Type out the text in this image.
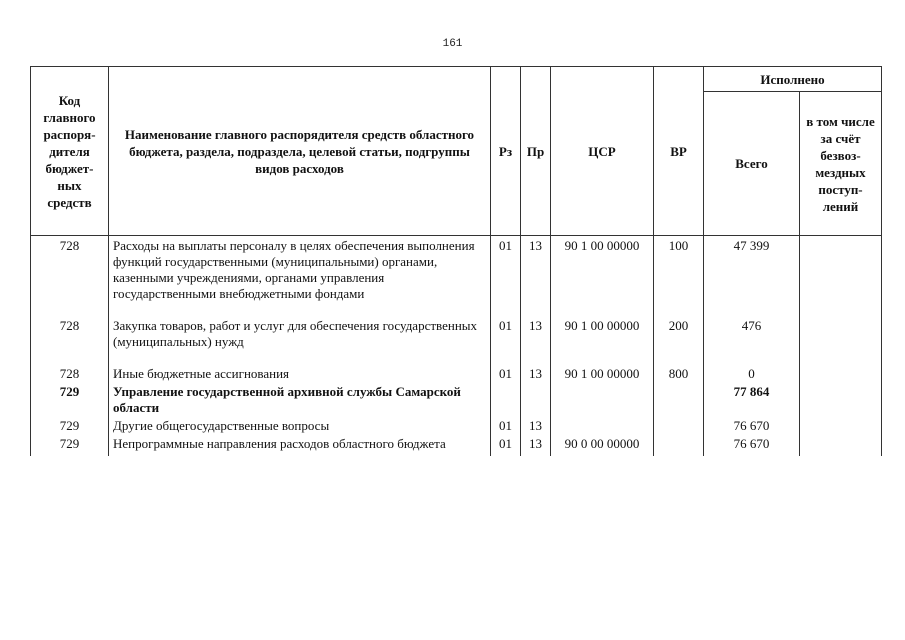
161
Код главного распоря-дителя бюджет-ных средств	Наименование главного распорядителя средств областного бюджета, раздела, подраздела, целевой статьи, подгруппы видов расходов	Рз	Пр	ЦСР	ВР	Исполнено	
						Всего	в том числе за счёт безвоз-мездных поступ-лений
728	Расходы на выплаты персоналу в целях обеспечения выполнения функций государственными (муниципальными) органами, казенными учреждениями, органами управления государственными внебюджетными фондами	01	13	90 1 00 00000	100	47 399	
728	Закупка товаров, работ и услуг для обеспечения государственных (муниципальных) нужд	01	13	90 1 00 00000	200	476	
728	Иные бюджетные ассигнования	01	13	90 1 00 00000	800	0	
729	Управление государственной архивной службы Самарской области					77 864	
729	Другие общегосударственные вопросы	01	13			76 670	
729	Непрограммные направления расходов областного бюджета	01	13	90 0 00 00000		76 670	
